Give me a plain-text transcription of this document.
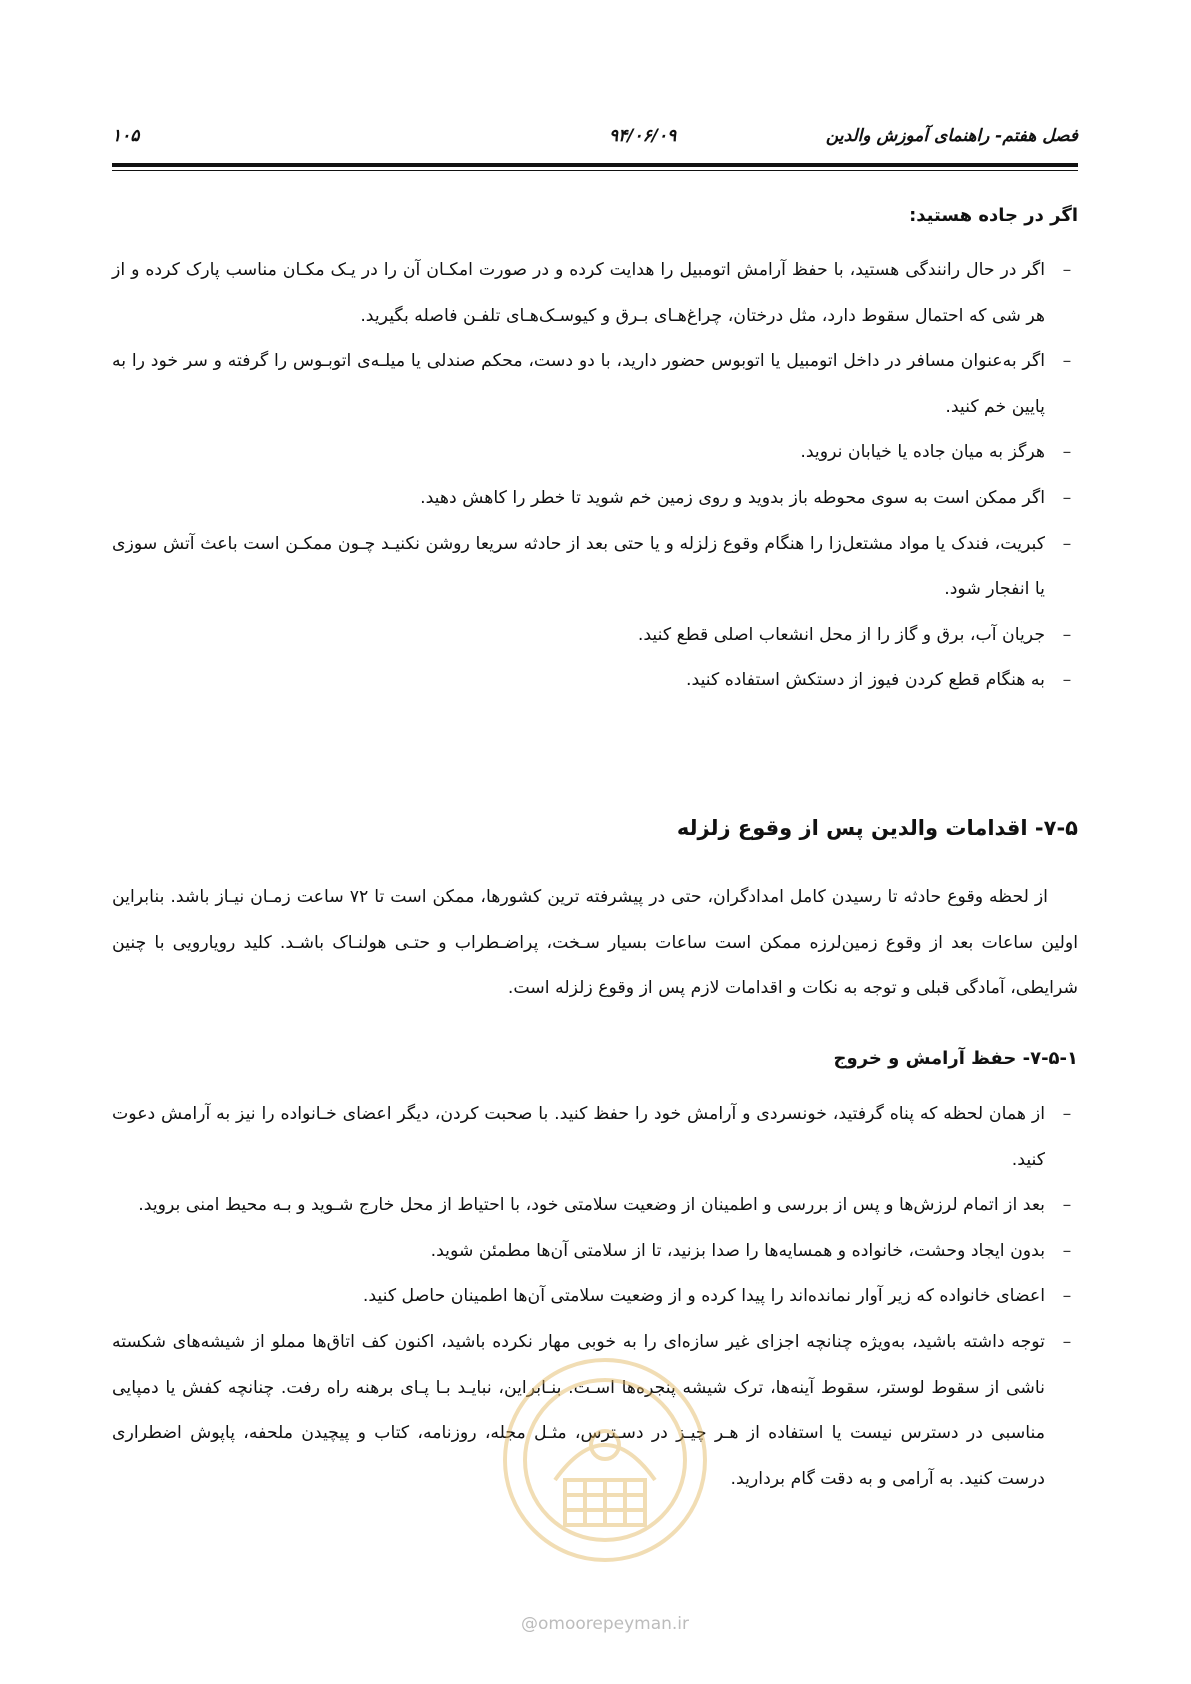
فصل هفتم- راهنمای آموزش والدین
۹۴/۰۶/۰۹
۱۰۵
اگر در جاده هستید:
–
اگر در حال رانندگی هستید، با حفظ آرامش اتومبیل را هدایت کرده و در صورت امکـان آن را در یـک مکـان مناسب پارک کرده و از هر شی که احتمال سقوط دارد، مثل درختان، چراغ‌هـای بـرق و کیوسـک‌هـای تلفـن فاصله بگیرید.
–
اگر به‌عنوان مسافر در داخل اتومبیل یا اتوبوس حضور دارید، با دو دست، محکم صندلی یا میلـه‌ی اتوبـوس را گرفته و سر خود را به پایین خم کنید.
–
هرگز به میان جاده یا خیابان نروید.
–
اگر ممکن است به سوی محوطه باز بدوید و روی زمین خم شوید تا خطر را کاهش دهید.
–
کبریت، فندک یا مواد مشتعل‌زا را هنگام وقوع زلزله و یا حتی بعد از حادثه سریعا روشن نکنیـد چـون ممکـن است باعث آتش سوزی یا انفجار شود.
–
جریان آب، برق و گاز را از محل انشعاب اصلی قطع کنید.
–
به هنگام قطع کردن فیوز از دستکش استفاده کنید.
۷-۵- اقدامات والدین پس از وقوع زلزله

از لحظه وقوع حادثه تا رسیدن کامل امدادگران، حتی در پیشرفته ترین کشورها، ممکن است تا ۷۲ ساعت زمـان نیـاز باشد. بنابراین اولین ساعات بعد از وقوع زمین‌لرزه ممکن است ساعات بسیار سـخت، پراضـطراب و حتـی هولنـاک باشـد. کلید رویارویی با چنین شرایطی، آمادگی قبلی و توجه به نکات و اقدامات لازم پس از وقوع زلزله است.

۷-۵-۱- حفظ آرامش و خروج
–
از همان لحظه که پناه گرفتید، خونسردی و آرامش خود را حفظ کنید. با صحبت کردن، دیگر اعضای خـانواده را نیز به آرامش دعوت کنید.
–
بعد از اتمام لرزش‌ها و پس از بررسی و اطمینان از وضعیت سلامتی خود، با احتیاط از محل خارج شـوید و بـه محیط امنی بروید.
–
بدون ایجاد وحشت، خانواده و همسایه‌ها را صدا بزنید، تا از سلامتی آن‌ها مطمئن شوید.
–
اعضای خانواده که زیر آوار نمانده‌اند را پیدا کرده و از وضعیت سلامتی آن‌ها اطمینان حاصل کنید.
–
توجه داشته باشید، به‌ویژه چنانچه اجزای غیر سازه‌ای را به خوبی مهار نکرده باشید، اکنون کف اتاق‌ها مملو از شیشه‌های شکسته ناشی از سقوط لوستر، سقوط آینه‌ها، ترک شیشه پنجره‌ها اسـت. بنـابراین، نبایـد بـا پـای برهنه راه رفت. چنانچه کفش یا دمپایی مناسبی در دسترس نیست یا استفاده از هـر چیـز در دسـترس، مثـل مجله، روزنامه، کتاب و پیچیدن ملحفه، پاپوش اضطراری درست کنید. به آرامی و به دقت گام بردارید.
@omoorepeyman.ir
